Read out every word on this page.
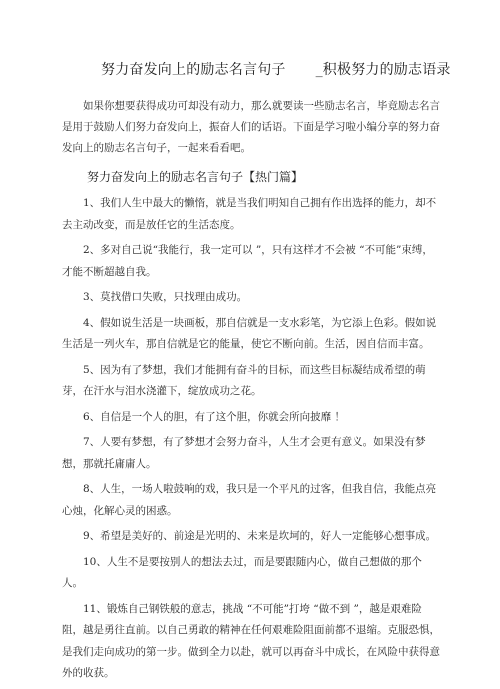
努力奋发向上的励志名言句子 _积极努力的励志语录
如果你想要获得成功可却没有动力，那么就要读一些励志名言，毕竟励志名言是用于鼓励人们努力奋发向上，振奋人们的话语。下面是学习啦小编分享的努力奋发向上的励志名言句子，一起来看看吧。
努力奋发向上的励志名言句子【热门篇】

1、我们人生中最大的懒惰，就是当我们明知自己拥有作出选择的能力，却不去主动改变，而是放任它的生活态度。

2、多对自己说“我能行，我一定可以 ”，只有这样才不会被 “不可能”束缚，才能不断超越自我。

3、莫找借口失败，只找理由成功。

4、假如说生活是一块画板，那自信就是一支水彩笔，为它添上色彩。假如说生活是一列火车，那自信就是它的能量，使它不断向前。生活，因自信而丰富。

5、因为有了梦想，我们才能拥有奋斗的目标，而这些目标凝结成希望的萌芽，在汗水与泪水浇灌下，绽放成功之花。

6、自信是一个人的胆，有了这个胆，你就会所向披靡 ！

7、人要有梦想，有了梦想才会努力奋斗，人生才会更有意义。如果没有梦想，那就托庸庸人。

8、人生，一场人啦鼓响的戏，我只是一个平凡的过客，但我自信，我能点亮心烛，化解心灵的困惑。

9、希望是美好的、前途是光明的、未来是坎坷的，好人一定能够心想事成。

10、人生不是要按别人的想法去过，而是要跟随内心，做自己想做的那个人。

11、锻炼自己钢铁般的意志，挑战 “不可能”打垮 “做不到 ”，越是艰难险阻，越是勇往直前。以自己勇敢的精神在任何艰难险阻面前都不退缩。克服恐惧，是我们走向成功的第一步。做到全力以赴，就可以再奋斗中成长，在风险中获得意外的收获。
